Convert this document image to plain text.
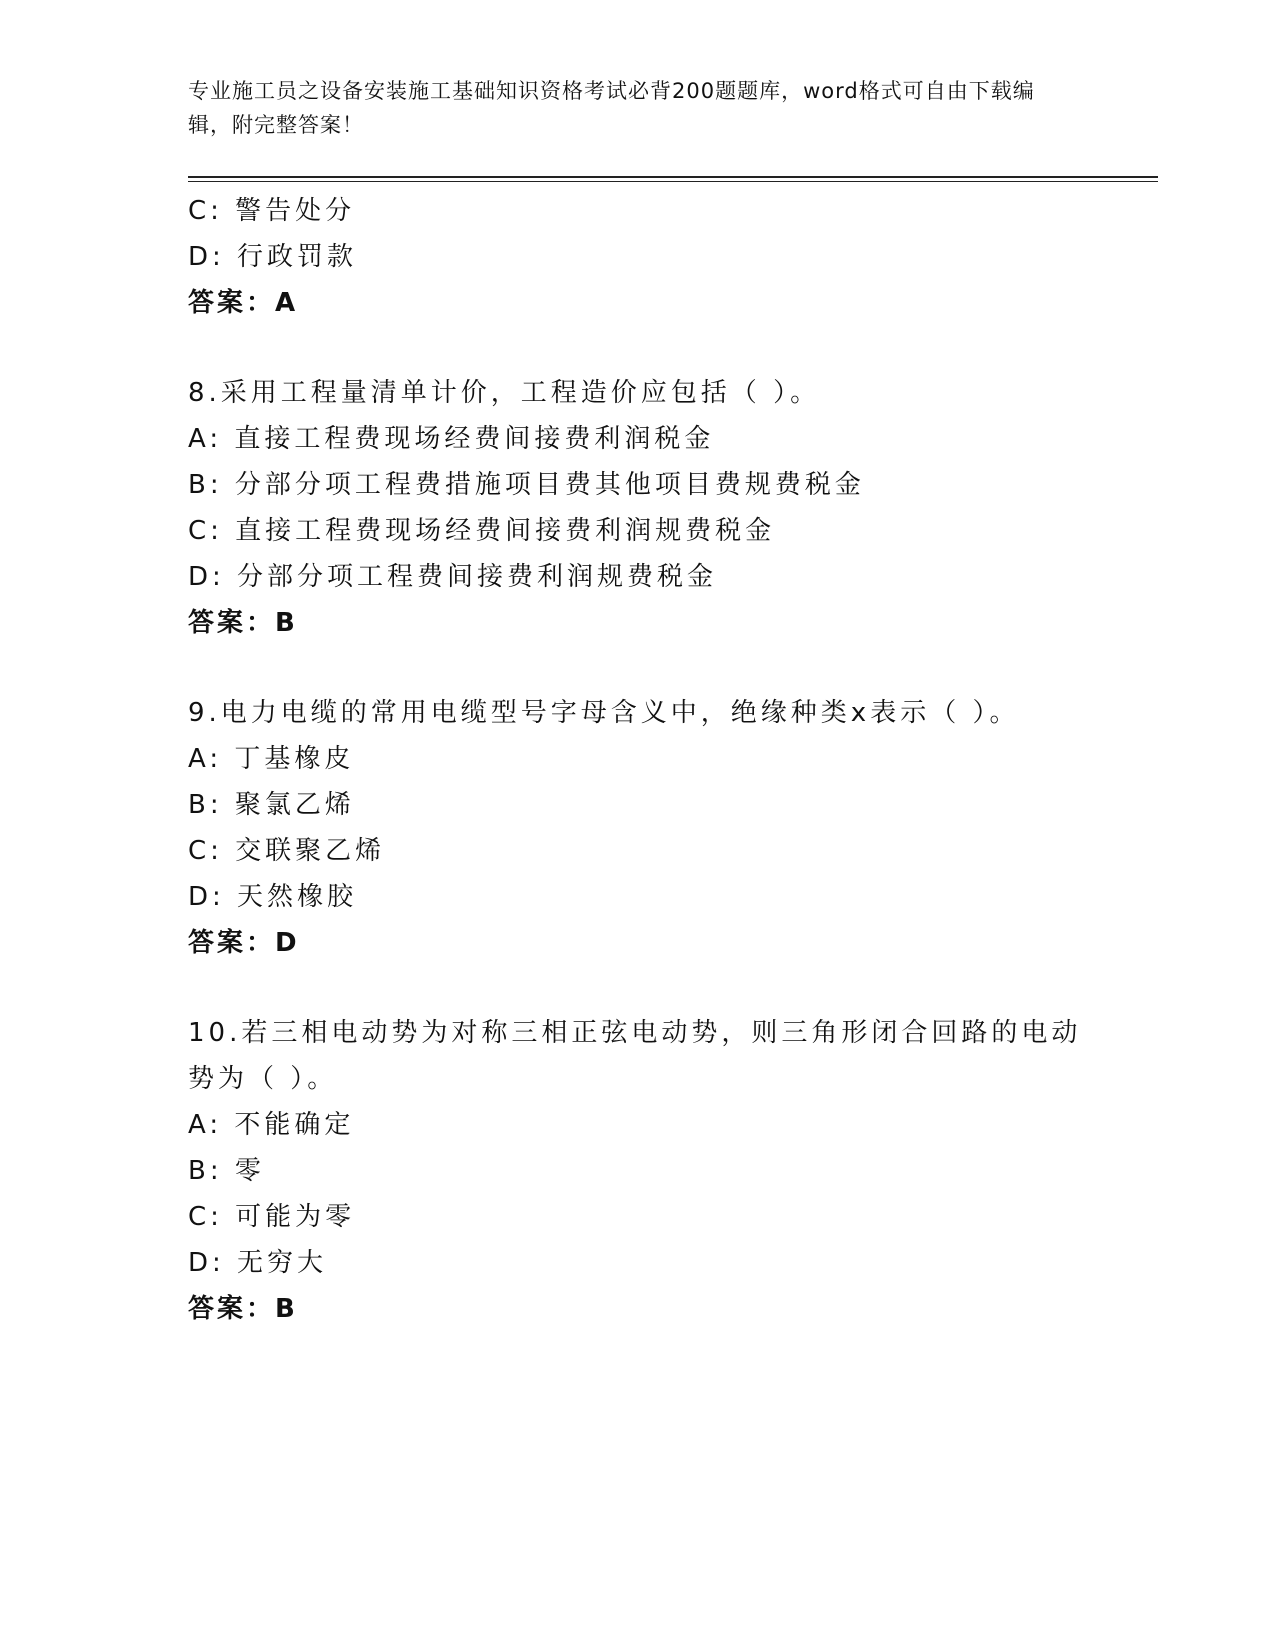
专业施工员之设备安装施工基础知识资格考试必背200题题库，word格式可自由下载编辑，附完整答案！
C: 警告处分
D: 行政罚款
答案：A
8.采用工程量清单计价，工程造价应包括（ ）。
A: 直接工程费现场经费间接费利润税金
B: 分部分项工程费措施项目费其他项目费规费税金
C: 直接工程费现场经费间接费利润规费税金
D: 分部分项工程费间接费利润规费税金
答案：B
9.电力电缆的常用电缆型号字母含义中，绝缘种类x表示（ ）。
A: 丁基橡皮
B: 聚氯乙烯
C: 交联聚乙烯
D: 天然橡胶
答案：D
10.若三相电动势为对称三相正弦电动势，则三角形闭合回路的电动势为（ ）。
A: 不能确定
B: 零
C: 可能为零
D: 无穷大
答案：B
